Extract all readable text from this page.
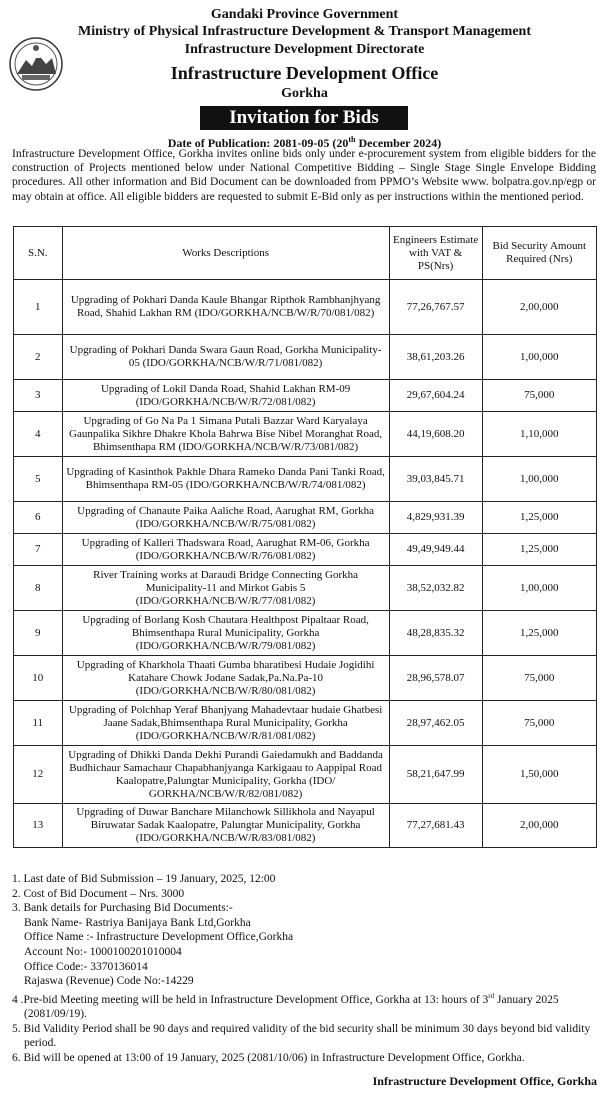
Gandaki Province Government
Ministry of Physical Infrastructure Development & Transport Management
Infrastructure Development Directorate
Infrastructure Development Office
Gorkha
Invitation for Bids
Date of Publication: 2081-09-05 (20th December 2024)
Infrastructure Development Office, Gorkha invites online bids only under e-procurement system from eligible bidders for the construction of Projects mentioned below under National Competitive Bidding – Single Stage Single Envelope Bidding procedures. All other information and Bid Document can be downloaded from PPMO’s Website www. bolpatra.gov.np/egp or may obtain at office. All eligible bidders are requested to submit E-Bid only as per instructions within the mentioned period.
S.N.	Works Descriptions	Engineers Estimate with VAT & PS(Nrs)	Bid Security Amount Required (Nrs)
1	Upgrading of Pokhari Danda Kaule Bhangar Ripthok Rambhanjhyang Road, Shahid Lakhan RM (IDO/GORKHA/NCB/W/R/70/081/082)	77,26,767.57	2,00,000
2	Upgrading of Pokhari Danda Swara Gaun Road, Gorkha Municipality-05 (IDO/GORKHA/NCB/W/R/71/081/082)	38,61,203.26	1,00,000
3	Upgrading of Lokil Danda Road, Shahid Lakhan RM-09 (IDO/GORKHA/NCB/W/R/72/081/082)	29,67,604.24	75,000
4	Upgrading of Go Na Pa 1 Simana Putali Bazzar Ward Karyalaya Gaunpalika Sikhre Dhakre Khola Bahrwa Bise Nibel Moranghat Road, Bhimsenthapa RM (IDO/GORKHA/NCB/W/R/73/081/082)	44,19,608.20	1,10,000
5	Upgrading of Kasinthok Pakhle Dhara Rameko Danda Pani Tanki Road, Bhimsenthapa RM-05 (IDO/GORKHA/NCB/W/R/74/081/082)	39,03,845.71	1,00,000
6	Upgrading of Chanaute Paika Aaliche Road, Aarughat RM, Gorkha (IDO/GORKHA/NCB/W/R/75/081/082)	4,829,931.39	1,25,000
7	Upgrading of Kalleri Thadswara Road, Aarughat RM-06, Gorkha (IDO/GORKHA/NCB/W/R/76/081/082)	49,49,949.44	1,25,000
8	River Training works at Daraudi Bridge Connecting Gorkha Municipality-11 and Mirkot Gabis 5 (IDO/GORKHA/NCB/W/R/77/081/082)	38,52,032.82	1,00,000
9	Upgrading of Borlang Kosh Chautara Healthpost Pipaltaar Road, Bhimsenthapa Rural Municipality, Gorkha (IDO/GORKHA/NCB/W/R/79/081/082)	48,28,835.32	1,25,000
10	Upgrading of Kharkhola Thaati Gumba bharatibesi Hudaie Jogidihi Katahare Chowk Jodane Sadak,Pa.Na.Pa-10 (IDO/GORKHA/NCB/W/R/80/081/082)	28,96,578.07	75,000
11	Upgrading of Polchhap Yeraf Bhanjyang Mahadevtaar hudaie Ghatbesi Jaane Sadak,Bhimsenthapa Rural Municipality, Gorkha (IDO/GORKHA/NCB/W/R/81/081/082)	28,97,462.05	75,000
12	Upgrading of Dhikki Danda Dekhi Purandi Gaiedamukh and Baddanda Budhichaur Samachaur Chapabhanjyanga Karkigaau to Aappipal Road Kaalopatre,Palungtar Municipality, Gorkha (IDO/ GORKHA/NCB/W/R/82/081/082)	58,21,647.99	1,50,000
13	Upgrading of Duwar Banchare Milanchowk Sillikhola and Nayapul Biruwatar Sadak Kaalopatre, Palungtar Municipality, Gorkha (IDO/GORKHA/NCB/W/R/83/081/082)	77,27,681.43	2,00,000
1. Last date of Bid Submission – 19 January, 2025, 12:00
2. Cost of Bid Document – Nrs. 3000
3. Bank details for Purchasing Bid Documents:-
Bank Name- Rastriya Banijaya Bank Ltd,Gorkha
Office Name :- Infrastructure Development Office,Gorkha
Account No:- 1000100201010004
Office Code:- 3370136014
Rajaswa (Revenue) Code No:-14229
4 .Pre-bid Meeting meeting will be held in Infrastructure Development Office, Gorkha at 13: hours of 3rd January 2025 (2081/09/19).
5. Bid Validity Period shall be 90 days and required validity of the bid security shall be minimum 30 days beyond bid validity period.
6. Bid will be opened at 13:00 of 19 January, 2025 (2081/10/06) in Infrastructure Development Office, Gorkha.
Infrastructure Development Office, Gorkha
